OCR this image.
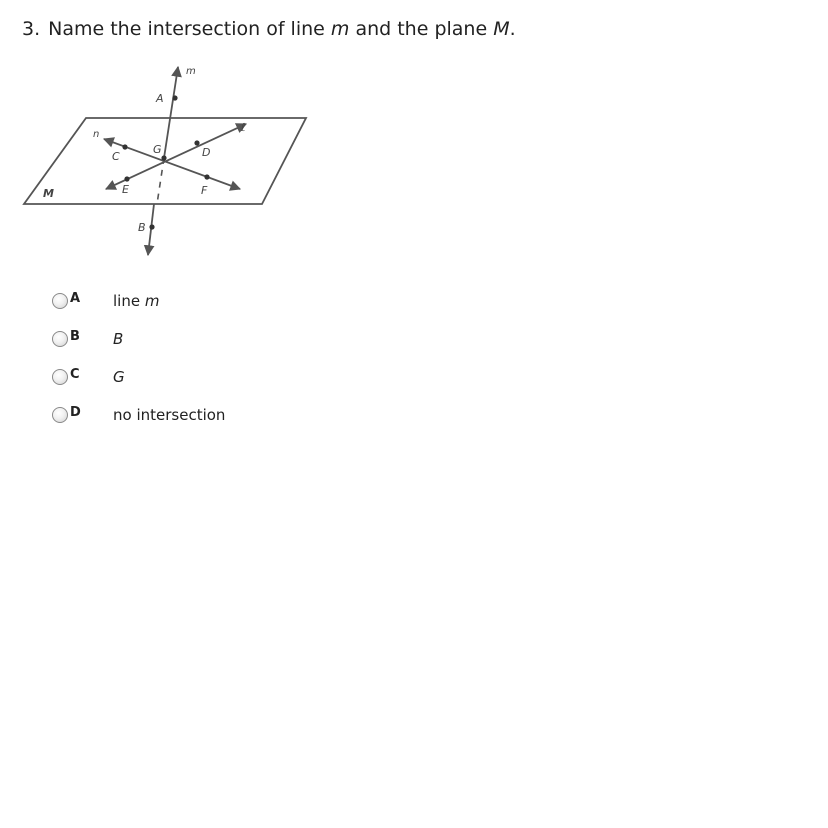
3. Name the intersection of line m and the plane M.
m
A
n
C
G	D
ℓ
M	E	F
B
A line m
B B
C G
D no intersection
